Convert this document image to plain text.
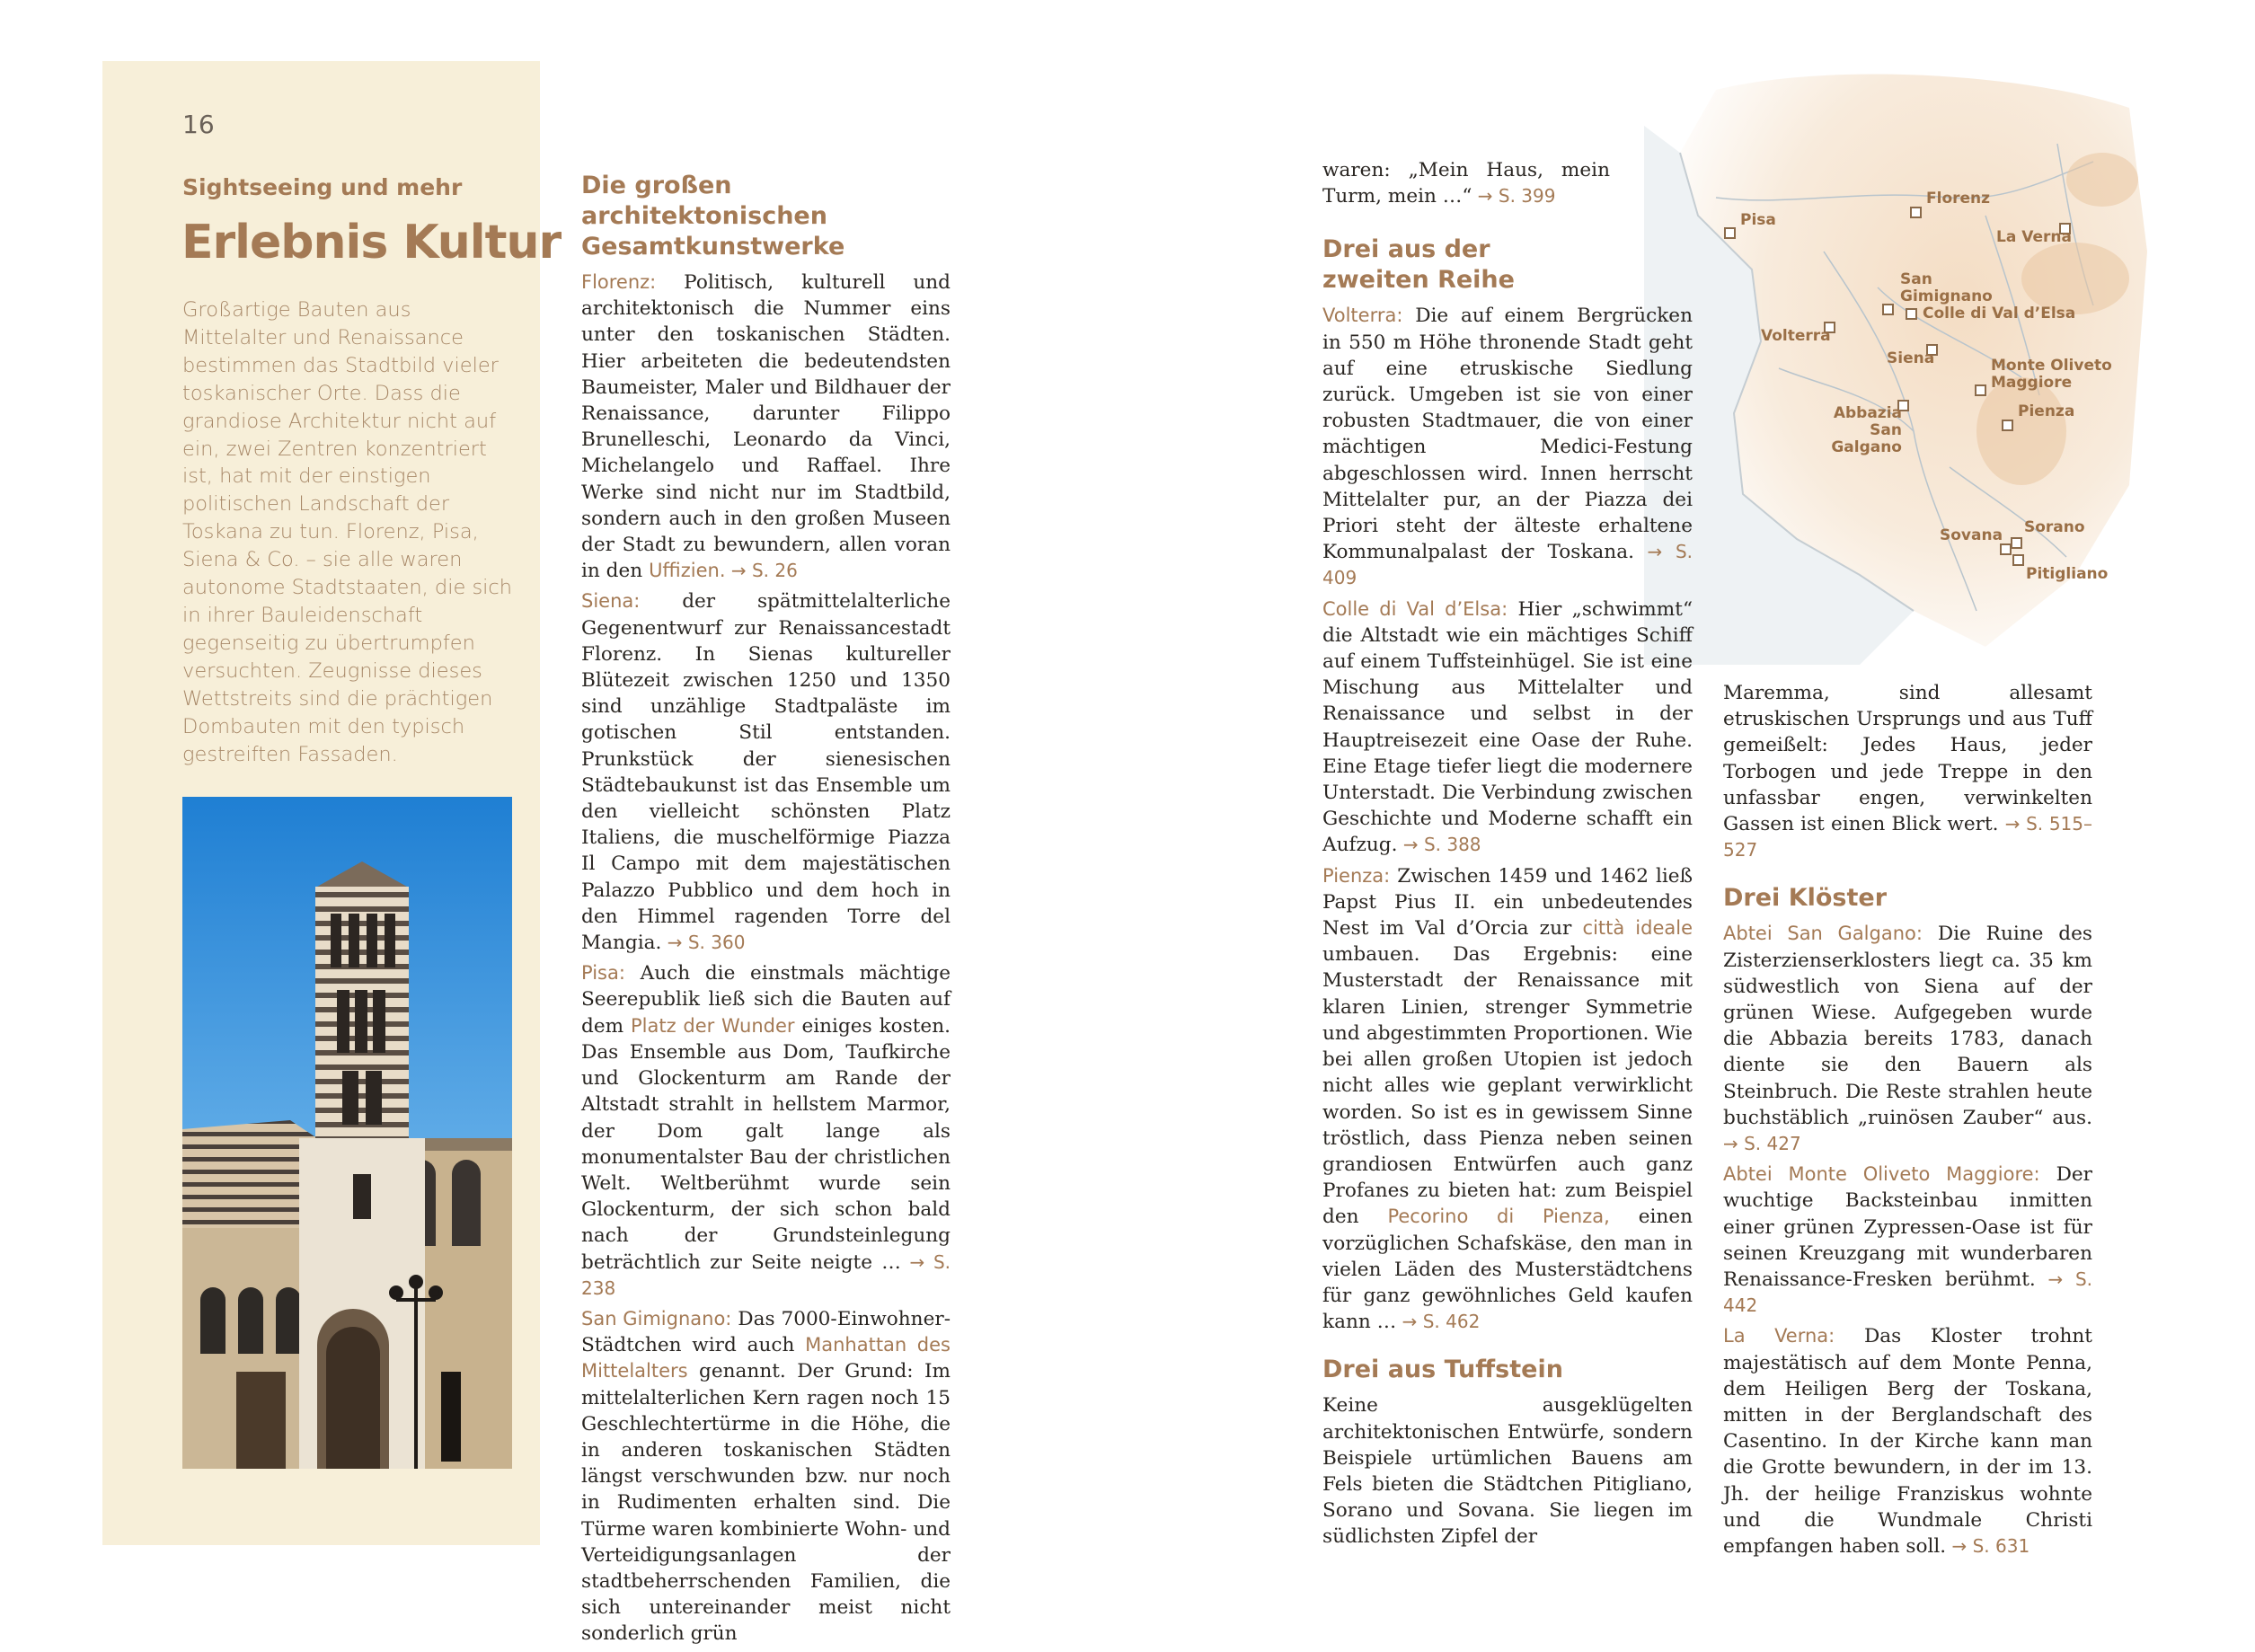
16
Sightseeing und mehr
Erlebnis Kultur
Großartige Bauten aus Mittelalter und Renaissance bestimmen das Stadtbild vieler toskanischer Orte. Dass die grandiose Architektur nicht auf ein, zwei Zentren konzentriert ist, hat mit der einstigen politischen Landschaft der Toskana zu tun. Florenz, Pisa, Siena & Co. – sie alle waren autonome Stadtstaaten, die sich in ihrer Bauleidenschaft gegenseitig zu übertrumpfen versuchten. Zeugnisse dieses Wettstreits sind die prächtigen Dombauten mit den typisch gestreiften Fassaden.
Pisa
Florenz
La Verna
San Gimignano
Colle di Val d’Elsa
Volterra
Siena	Monte Oliveto Maggiore
Abbazia San Galgano
Pienza
Sovana Sorano
Pitigliano
Die großen architektonischen Gesamtkunstwerke

Florenz: Politisch, kulturell und architektonisch die Nummer eins unter den toskanischen Städten. Hier arbeiteten die bedeutendsten Baumeister, Maler und Bildhauer der Renaissance, darunter Filippo Brunelleschi, Leonardo da Vinci, Michelangelo und Raffael. Ihre Werke sind nicht nur im Stadtbild, sondern auch in den großen Museen der Stadt zu bewundern, allen voran in den Uffizien. → S. 26

Siena: der spätmittelalterliche Gegenentwurf zur Renaissancestadt Florenz. In Sienas kultureller Blütezeit zwischen 1250 und 1350 sind unzählige Stadtpaläste im gotischen Stil entstanden. Prunkstück der sienesischen Städtebaukunst ist das Ensemble um den vielleicht schönsten Platz Italiens, die muschelförmige Piazza Il Campo mit dem majestätischen Palazzo Pubblico und dem hoch in den Himmel ragenden Torre del Mangia. → S. 360

Pisa: Auch die einstmals mächtige Seerepublik ließ sich die Bauten auf dem Platz der Wunder einiges kosten. Das Ensemble aus Dom, Taufkirche und Glockenturm am Rande der Altstadt strahlt in hellstem Marmor, der Dom galt lange als monumentalster Bau der christlichen Welt. Weltberühmt wurde sein Glockenturm, der sich schon bald nach der Grundsteinlegung beträchtlich zur Seite neigte … → S. 238

San Gimignano: Das 7000-Einwohner-Städtchen wird auch Manhattan des Mittelalters genannt. Der Grund: Im mittelalterlichen Kern ragen noch 15 Geschlechtertürme in die Höhe, die in anderen toskanischen Städten längst verschwunden bzw. nur noch in Rudimenten erhalten sind. Die Türme waren kombinierte Wohn- und Verteidigungsanlagen der stadtbeherrschenden Familien, die sich untereinander meist nicht sonderlich grün

waren: „Mein Haus, mein Turm, mein …“ → S. 399

Drei aus der zweiten Reihe

Volterra: Die auf einem Bergrücken in 550 m Höhe thronende Stadt geht auf eine etruskische Siedlung zurück. Umgeben ist sie von einer robusten Stadtmauer, die von einer mächtigen Medici-Festung abgeschlossen wird. Innen herrscht Mittelalter pur, an der Piazza dei Priori steht der älteste erhaltene Kommunalpalast der Toskana. → S. 409

Colle di Val d’Elsa: Hier „schwimmt“ die Altstadt wie ein mächtiges Schiff auf einem Tuffsteinhügel. Sie ist eine Mischung aus Mittelalter und Renaissance und selbst in der Hauptreisezeit eine Oase der Ruhe. Eine Etage tiefer liegt die modernere Unterstadt. Die Verbindung zwischen Geschichte und Moderne schafft ein Aufzug. → S. 388

Pienza: Zwischen 1459 und 1462 ließ Papst Pius II. ein unbedeutendes Nest im Val d’Orcia zur città ideale umbauen. Das Ergebnis: eine Musterstadt der Renaissance mit klaren Linien, strenger Symmetrie und abgestimmten Proportionen. Wie bei allen großen Utopien ist jedoch nicht alles wie geplant verwirklicht worden. So ist es in gewissem Sinne tröstlich, dass Pienza neben seinen grandiosen Entwürfen auch ganz Profanes zu bieten hat: zum Beispiel den Pecorino di Pienza, einen vorzüglichen Schafskäse, den man in vielen Läden des Musterstädtchens für ganz gewöhnliches Geld kaufen kann … → S. 462

Drei aus Tuffstein

Keine ausgeklügelten architektonischen Entwürfe, sondern Beispiele urtümlichen Bauens am Fels bieten die Städtchen Pitigliano, Sorano und Sovana. Sie liegen im südlichsten Zipfel der

Maremma, sind allesamt etruskischen Ursprungs und aus Tuff gemeißelt: Jedes Haus, jeder Torbogen und jede Treppe in den unfassbar engen, verwinkelten Gassen ist einen Blick wert. → S. 515–527

Drei Klöster

Abtei San Galgano: Die Ruine des Zisterzienserklosters liegt ca. 35 km südwestlich von Siena auf der grünen Wiese. Aufgegeben wurde die Abbazia bereits 1783, danach diente sie den Bauern als Steinbruch. Die Reste strahlen heute buchstäblich „ruinösen Zauber“ aus. → S. 427

Abtei Monte Oliveto Maggiore: Der wuchtige Backsteinbau inmitten einer grünen Zypressen-Oase ist für seinen Kreuzgang mit wunderbaren Renaissance-Fresken berühmt. → S. 442

La Verna: Das Kloster trohnt majestätisch auf dem Monte Penna, dem Heiligen Berg der Toskana, mitten in der Berglandschaft des Casentino. In der Kirche kann man die Grotte bewundern, in der im 13. Jh. der heilige Franziskus wohnte und die Wundmale Christi empfangen haben soll. → S. 631
